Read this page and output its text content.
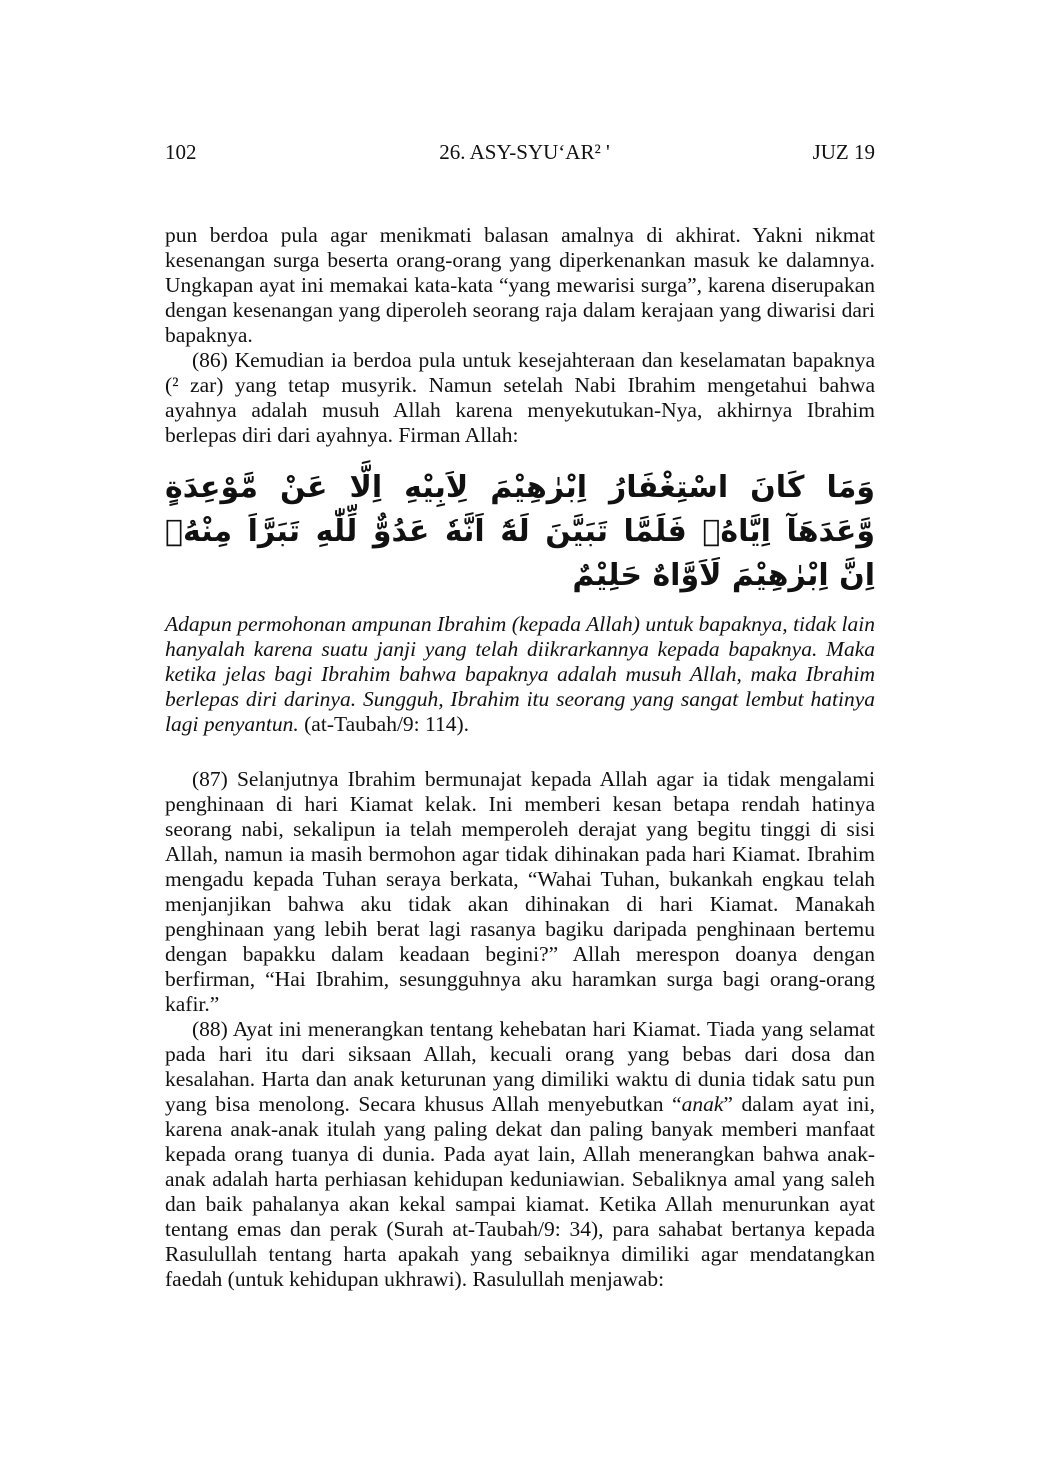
102	26. ASY-SYU‘AR² '	JUZ 19

pun berdoa pula agar menikmati balasan amalnya di akhirat. Yakni nikmat kesenangan surga beserta orang-orang yang diperkenankan masuk ke dalamnya. Ungkapan ayat ini memakai kata-kata “yang mewarisi surga”, karena diserupakan dengan kesenangan yang diperoleh seorang raja dalam kerajaan yang diwarisi dari bapaknya.

(86) Kemudian ia berdoa pula untuk kesejahteraan dan keselamatan bapaknya (² zar) yang tetap musyrik. Namun setelah Nabi Ibrahim mengetahui bahwa ayahnya adalah musuh Allah karena menyekutukan-Nya, akhirnya Ibrahim berlepas diri dari ayahnya. Firman Allah:

وَمَا كَانَ اسْتِغْفَارُ اِبْرٰهِيْمَ لِاَبِيْهِ اِلَّا عَنْ مَّوْعِدَةٍ وَّعَدَهَآ اِيَّاهُۚ فَلَمَّا تَبَيَّنَ لَهٗٓ اَنَّهٗ عَدُوٌّ لِّلّٰهِ تَبَرَّاَ مِنْهُۗ اِنَّ اِبْرٰهِيْمَ لَاَوَّاهٌ حَلِيْمٌ

Adapun permohonan ampunan Ibrahim (kepada Allah) untuk bapaknya, tidak lain hanyalah karena suatu janji yang telah diikrarkannya kepada bapaknya. Maka ketika jelas bagi Ibrahim bahwa bapaknya adalah musuh Allah, maka Ibrahim berlepas diri darinya. Sungguh, Ibrahim itu seorang yang sangat lembut hatinya lagi penyantun. (at-Taubah/9: 114).

(87) Selanjutnya Ibrahim bermunajat kepada Allah agar ia tidak mengalami penghinaan di hari Kiamat kelak. Ini memberi kesan betapa rendah hatinya seorang nabi, sekalipun ia telah memperoleh derajat yang begitu tinggi di sisi Allah, namun ia masih bermohon agar tidak dihinakan pada hari Kiamat. Ibrahim mengadu kepada Tuhan seraya berkata, “Wahai Tuhan, bukankah engkau telah menjanjikan bahwa aku tidak akan dihinakan di hari Kiamat. Manakah penghinaan yang lebih berat lagi rasanya bagiku daripada penghinaan bertemu dengan bapakku dalam keadaan begini?” Allah merespon doanya dengan berfirman, “Hai Ibrahim, sesungguhnya aku haramkan surga bagi orang-orang kafir.”

(88) Ayat ini menerangkan tentang kehebatan hari Kiamat. Tiada yang selamat pada hari itu dari siksaan Allah, kecuali orang yang bebas dari dosa dan kesalahan. Harta dan anak keturunan yang dimiliki waktu di dunia tidak satu pun yang bisa menolong. Secara khusus Allah menyebutkan “anak” dalam ayat ini, karena anak-anak itulah yang paling dekat dan paling banyak memberi manfaat kepada orang tuanya di dunia. Pada ayat lain, Allah menerangkan bahwa anak-anak adalah harta perhiasan kehidupan keduniawian. Sebaliknya amal yang saleh dan baik pahalanya akan kekal sampai kiamat. Ketika Allah menurunkan ayat tentang emas dan perak (Surah at-Taubah/9: 34), para sahabat bertanya kepada Rasulullah tentang harta apakah yang sebaiknya dimiliki agar mendatangkan faedah (untuk kehidupan ukhrawi). Rasulullah menjawab:
